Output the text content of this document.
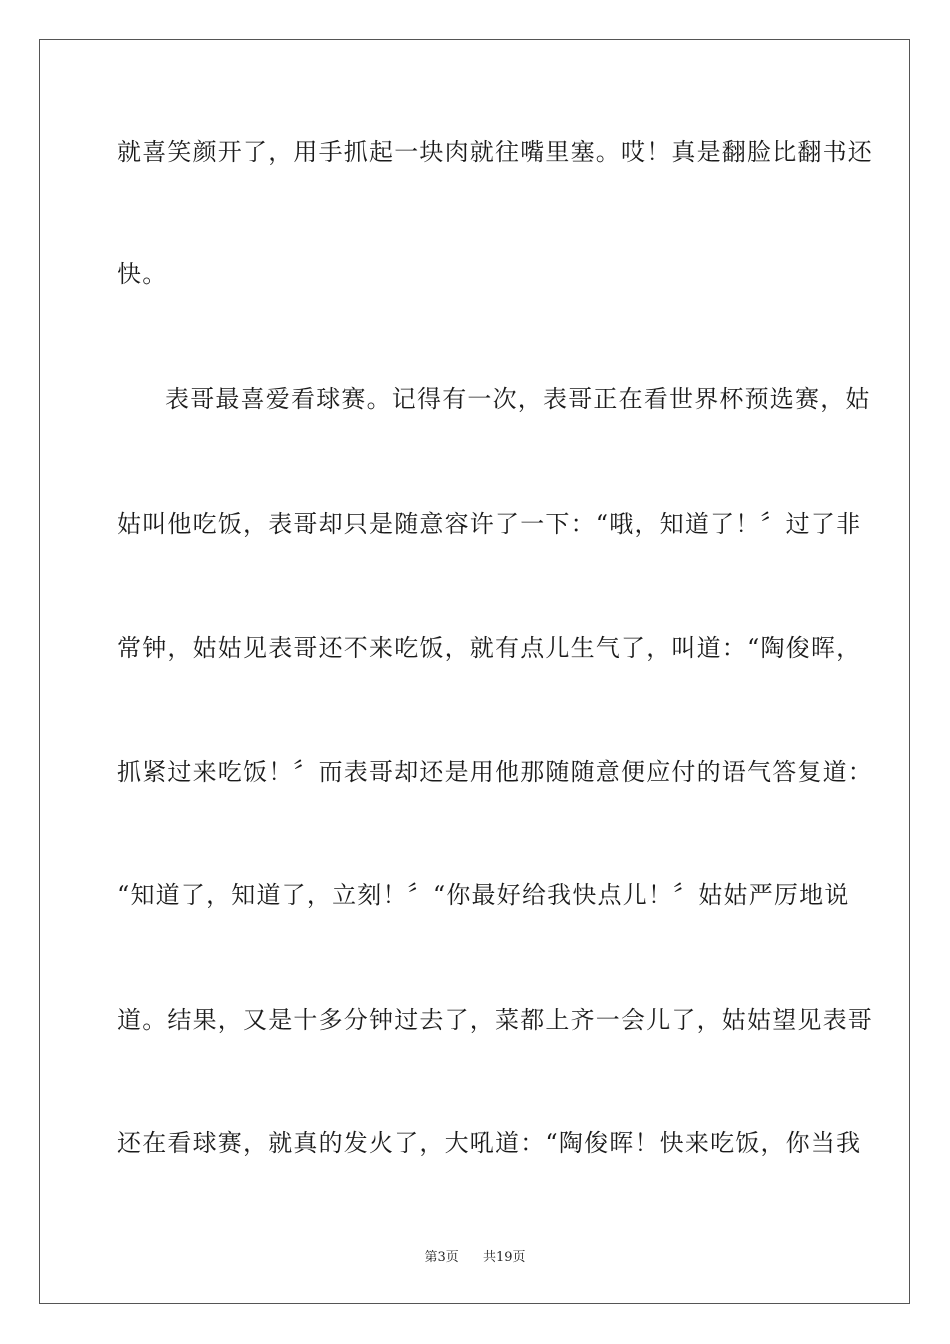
就喜笑颜开了，用手抓起一块肉就往嘴里塞。哎！真是翻脸比翻书还
快。
表哥最喜爱看球赛。记得有一次，表哥正在看世界杯预选赛，姑
姑叫他吃饭，表哥却只是随意容许了一下：“哦，知道了！〞过了非
常钟，姑姑见表哥还不来吃饭，就有点儿生气了，叫道：“陶俊晖，
抓紧过来吃饭！〞而表哥却还是用他那随随意便应付的语气答复道：
“知道了，知道了，立刻！〞“你最好给我快点儿！〞姑姑严厉地说
道。结果，又是十多分钟过去了，菜都上齐一会儿了，姑姑望见表哥
还在看球赛，就真的发火了，大吼道：“陶俊晖！快来吃饭，你当我
第3页 共19页
